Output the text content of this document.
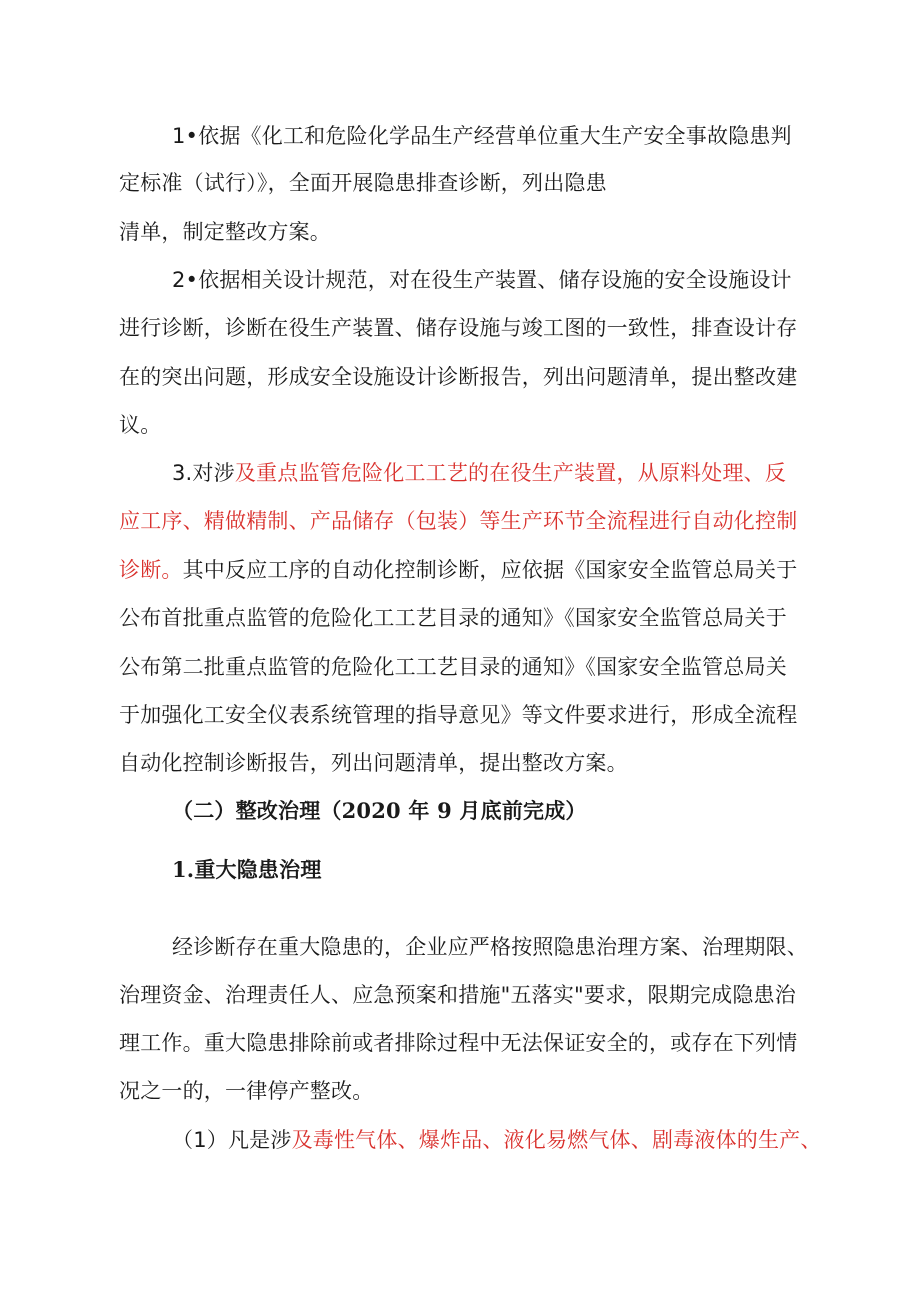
1•依据《化工和危险化学品生产经营单位重大生产安全事故隐患判
定标准（试行）》，全面开展隐患排查诊断，列出隐患
清单，制定整改方案。
2•依据相关设计规范，对在役生产装置、储存设施的安全设施设计
进行诊断，诊断在役生产装置、储存设施与竣工图的一致性，排查设计存
在的突出问题，形成安全设施设计诊断报告，列出问题清单，提出整改建
议。
3.对涉及重点监管危险化工工艺的在役生产装置，从原料处理、反
应工序、精做精制、产品储存（包装）等生产环节全流程进行自动化控制
诊断。其中反应工序的自动化控制诊断，应依据《国家安全监管总局关于
公布首批重点监管的危险化工工艺目录的通知》《国家安全监管总局关于
公布第二批重点监管的危险化工工艺目录的通知》《国家安全监管总局关
于加强化工安全仪表系统管理的指导意见》等文件要求进行，形成全流程
自动化控制诊断报告，列出问题清单，提出整改方案。
（二）整改治理（2020 年 9 月底前完成）
1.重大隐患治理
经诊断存在重大隐患的，企业应严格按照隐患治理方案、治理期限、
治理资金、治理责任人、应急预案和措施"五落实"要求，限期完成隐患治
理工作。重大隐患排除前或者排除过程中无法保证安全的，或存在下列情
况之一的，一律停产整改。
（1）凡是涉及毒性气体、爆炸品、液化易燃气体、剧毒液体的生产、
